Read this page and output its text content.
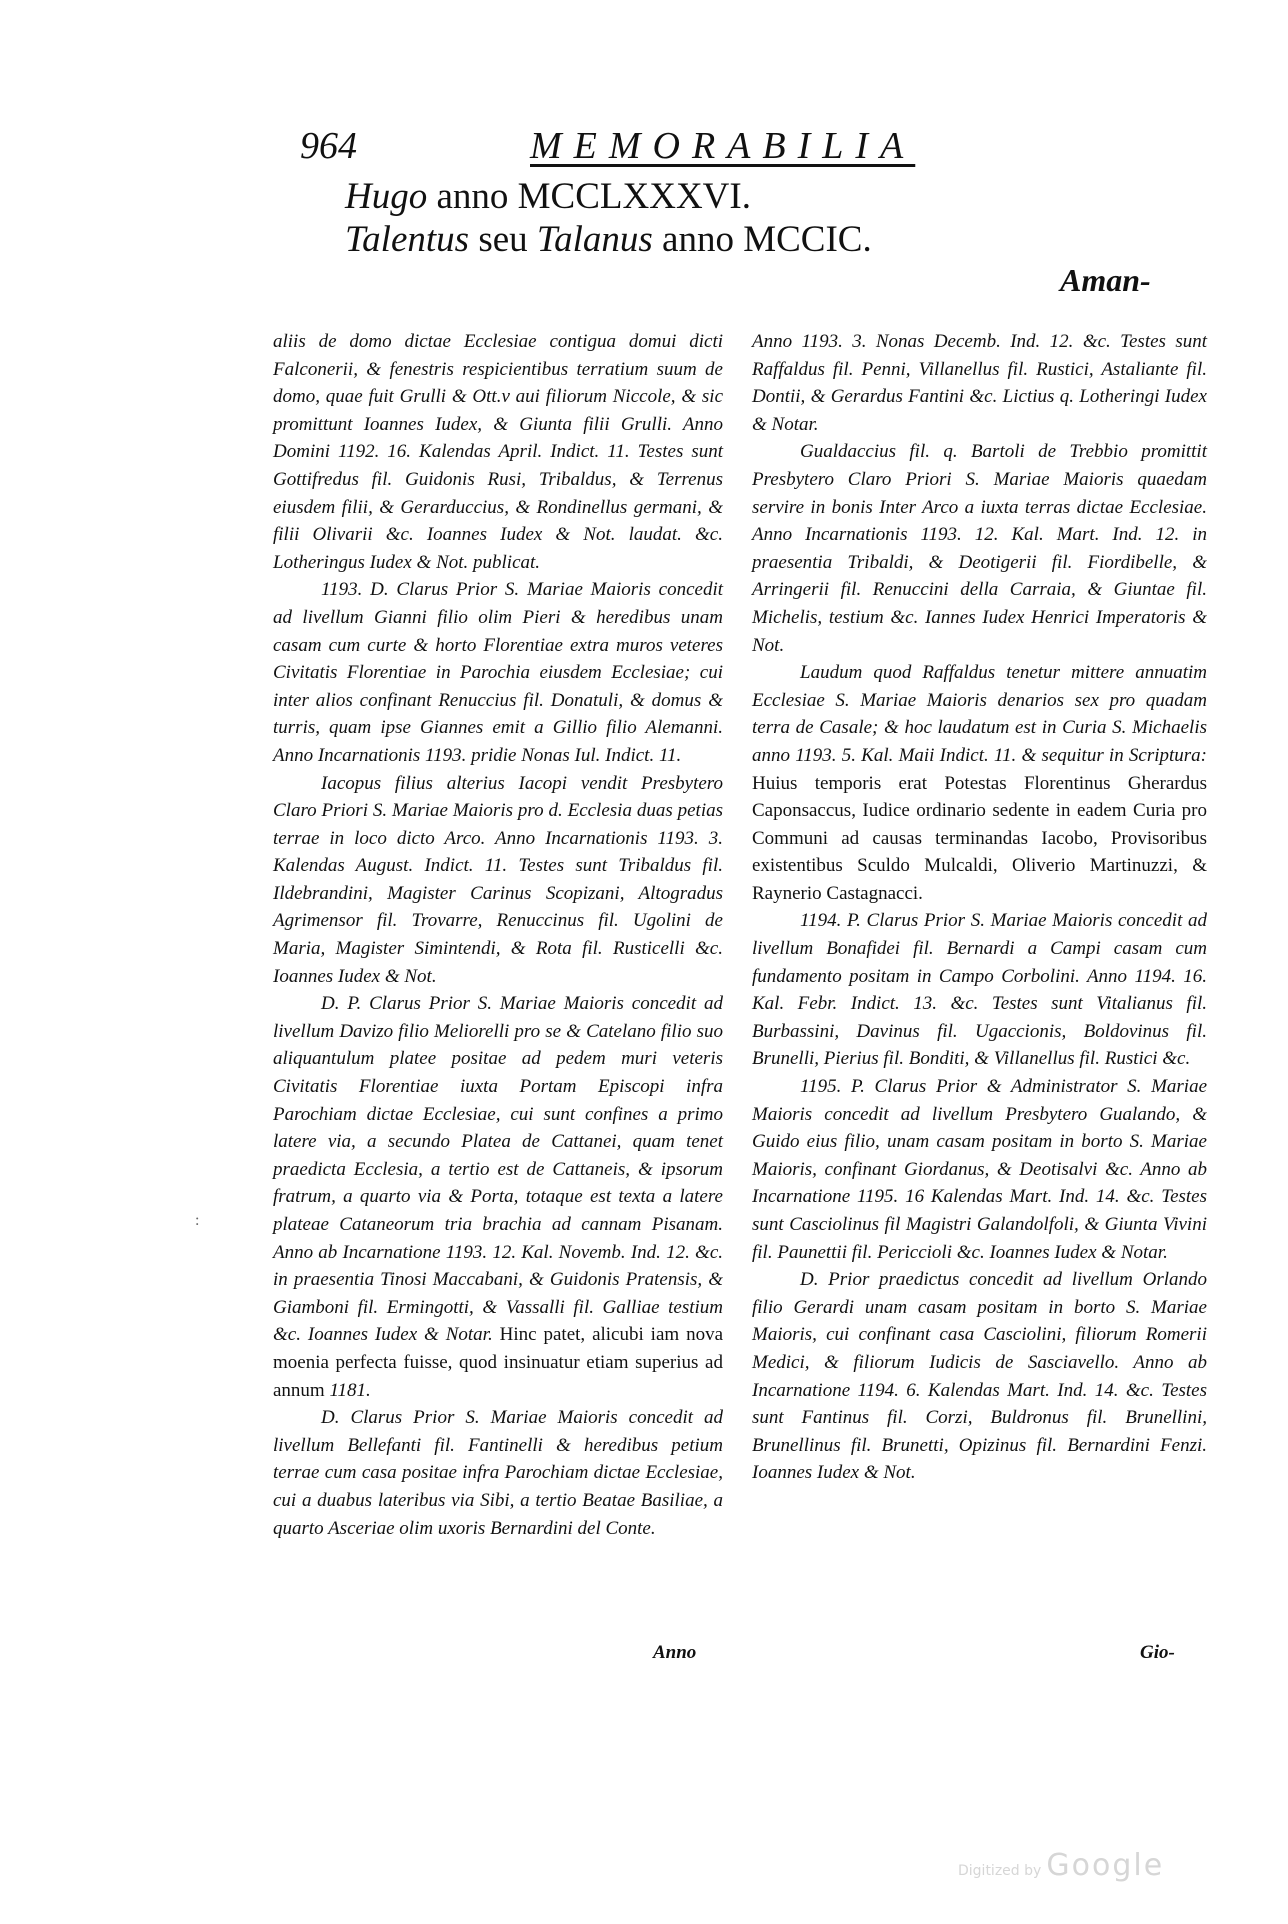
964	MEMORABILIA
Hugo anno MCCLXXXVI.
Talentus seu Talanus anno MCCIC.
Aman-

aliis de domo dictae Ecclesiae contigua domui dicti Falconerii, & fenestris respicientibus terratium suum de domo, quae fuit Grulli & Ott.v aui filiorum Niccole, & sic promittunt Ioannes Iudex, & Giunta filii Grulli. Anno Domini 1192. 16. Kalendas April. Indict. 11. Testes sunt Gottifredus fil. Guidonis Rusi, Tribaldus, & Terrenus eiusdem filii, & Gerarduccius, & Rondinellus germani, & filii Olivarii &c. Ioannes Iudex & Not. laudat. &c. Lotheringus Iudex & Not. publicat.

1193. D. Clarus Prior S. Mariae Maioris concedit ad livellum Gianni filio olim Pieri & heredibus unam casam cum curte & horto Florentiae extra muros veteres Civitatis Florentiae in Parochia eiusdem Ecclesiae; cui inter alios confinant Renuccius fil. Donatuli, & domus & turris, quam ipse Giannes emit a Gillio filio Alemanni. Anno Incarnationis 1193. pridie Nonas Iul. Indict. 11.

Iacopus filius alterius Iacopi vendit Presbytero Claro Priori S. Mariae Maioris pro d. Ecclesia duas petias terrae in loco dicto Arco. Anno Incarnationis 1193. 3. Kalendas August. Indict. 11. Testes sunt Tribaldus fil. Ildebrandini, Magister Carinus Scopizani, Altogradus Agrimensor fil. Trovarre, Renuccinus fil. Ugolini de Maria, Magister Simintendi, & Rota fil. Rusticelli &c. Ioannes Iudex & Not.

D. P. Clarus Prior S. Mariae Maioris concedit ad livellum Davizo filio Meliorelli pro se & Catelano filio suo aliquantulum platee positae ad pedem muri veteris Civitatis Florentiae iuxta Portam Episcopi infra Parochiam dictae Ecclesiae, cui sunt confines a primo latere via, a secundo Platea de Cattanei, quam tenet praedicta Ecclesia, a tertio est de Cattaneis, & ipsorum fratrum, a quarto via & Porta, totaque est texta a latere plateae Cataneorum tria brachia ad cannam Pisanam. Anno ab Incarnatione 1193. 12. Kal. Novemb. Ind. 12. &c. in praesentia Tinosi Maccabani, & Guidonis Pratensis, & Giamboni fil. Ermingotti, & Vassalli fil. Galliae testium &c. Ioannes Iudex & Notar. Hinc patet, alicubi iam nova moenia perfecta fuisse, quod insinuatur etiam superius ad annum 1181.

D. Clarus Prior S. Mariae Maioris concedit ad livellum Bellefanti fil. Fantinelli & heredibus petium terrae cum casa positae infra Parochiam dictae Ecclesiae, cui a duabus lateribus via Sibi, a tertio Beatae Basiliae, a quarto Asceriae olim uxoris Bernardini del Conte.

Anno 1193. 3. Nonas Decemb. Ind. 12. &c. Testes sunt Raffaldus fil. Penni, Villanellus fil. Rustici, Astaliante fil. Dontii, & Gerardus Fantini &c. Lictius q. Lotheringi Iudex & Notar.

Gualdaccius fil. q. Bartoli de Trebbio promittit Presbytero Claro Priori S. Mariae Maioris quaedam servire in bonis Inter Arco a iuxta terras dictae Ecclesiae. Anno Incarnationis 1193. 12. Kal. Mart. Ind. 12. in praesentia Tribaldi, & Deotigerii fil. Fiordibelle, & Arringerii fil. Renuccini della Carraia, & Giuntae fil. Michelis, testium &c. Iannes Iudex Henrici Imperatoris & Not.

Laudum quod Raffaldus tenetur mittere annuatim Ecclesiae S. Mariae Maioris denarios sex pro quadam terra de Casale; & hoc laudatum est in Curia S. Michaelis anno 1193. 5. Kal. Maii Indict. 11. & sequitur in Scriptura: Huius temporis erat Potestas Florentinus Gherardus Caponsaccus, Iudice ordinario sedente in eadem Curia pro Communi ad causas terminandas Iacobo, Provisoribus existentibus Sculdo Mulcaldi, Oliverio Martinuzzi, & Raynerio Castagnacci.

1194. P. Clarus Prior S. Mariae Maioris concedit ad livellum Bonafidei fil. Bernardi a Campi casam cum fundamento positam in Campo Corbolini. Anno 1194. 16. Kal. Febr. Indict. 13. &c. Testes sunt Vitalianus fil. Burbassini, Davinus fil. Ugaccionis, Boldovinus fil. Brunelli, Pierius fil. Bonditi, & Villanellus fil. Rustici &c.

1195. P. Clarus Prior & Administrator S. Mariae Maioris concedit ad livellum Presbytero Gualando, & Guido eius filio, unam casam positam in borto S. Mariae Maioris, confinant Giordanus, & Deotisalvi &c. Anno ab Incarnatione 1195. 16 Kalendas Mart. Ind. 14. &c. Testes sunt Casciolinus fil Magistri Galandolfoli, & Giunta Vivini fil. Paunettii fil. Periccioli &c. Ioannes Iudex & Notar.

D. Prior praedictus concedit ad livellum Orlando filio Gerardi unam casam positam in borto S. Mariae Maioris, cui confinant casa Casciolini, filiorum Romerii Medici, & filiorum Iudicis de Sasciavello. Anno ab Incarnatione 1194. 6. Kalendas Mart. Ind. 14. &c. Testes sunt Fantinus fil. Corzi, Buldronus fil. Brunellini, Brunellinus fil. Brunetti, Opizinus fil. Bernardini Fenzi. Ioannes Iudex & Not.

Anno	Gio-
:
Digitized by Google
